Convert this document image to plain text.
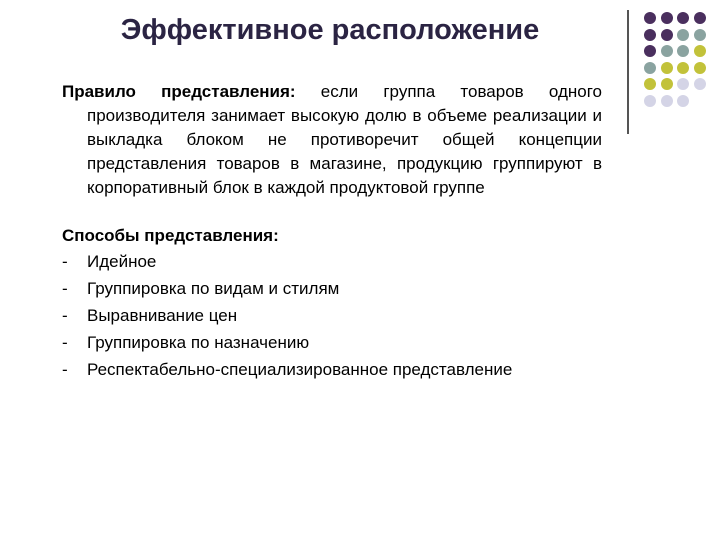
Эффективное расположение

Правило представления: если группа товаров одного производителя занимает высокую долю в объеме реализации и выкладка блоком не противоречит общей концепции представления товаров в магазине, продукцию группируют в корпоративный блок в каждой продуктовой группе

Способы представления:

- Идейное
- Группировка по видам и стилям
- Выравнивание цен
- Группировка по назначению
- Респектабельно-специализированное представление
